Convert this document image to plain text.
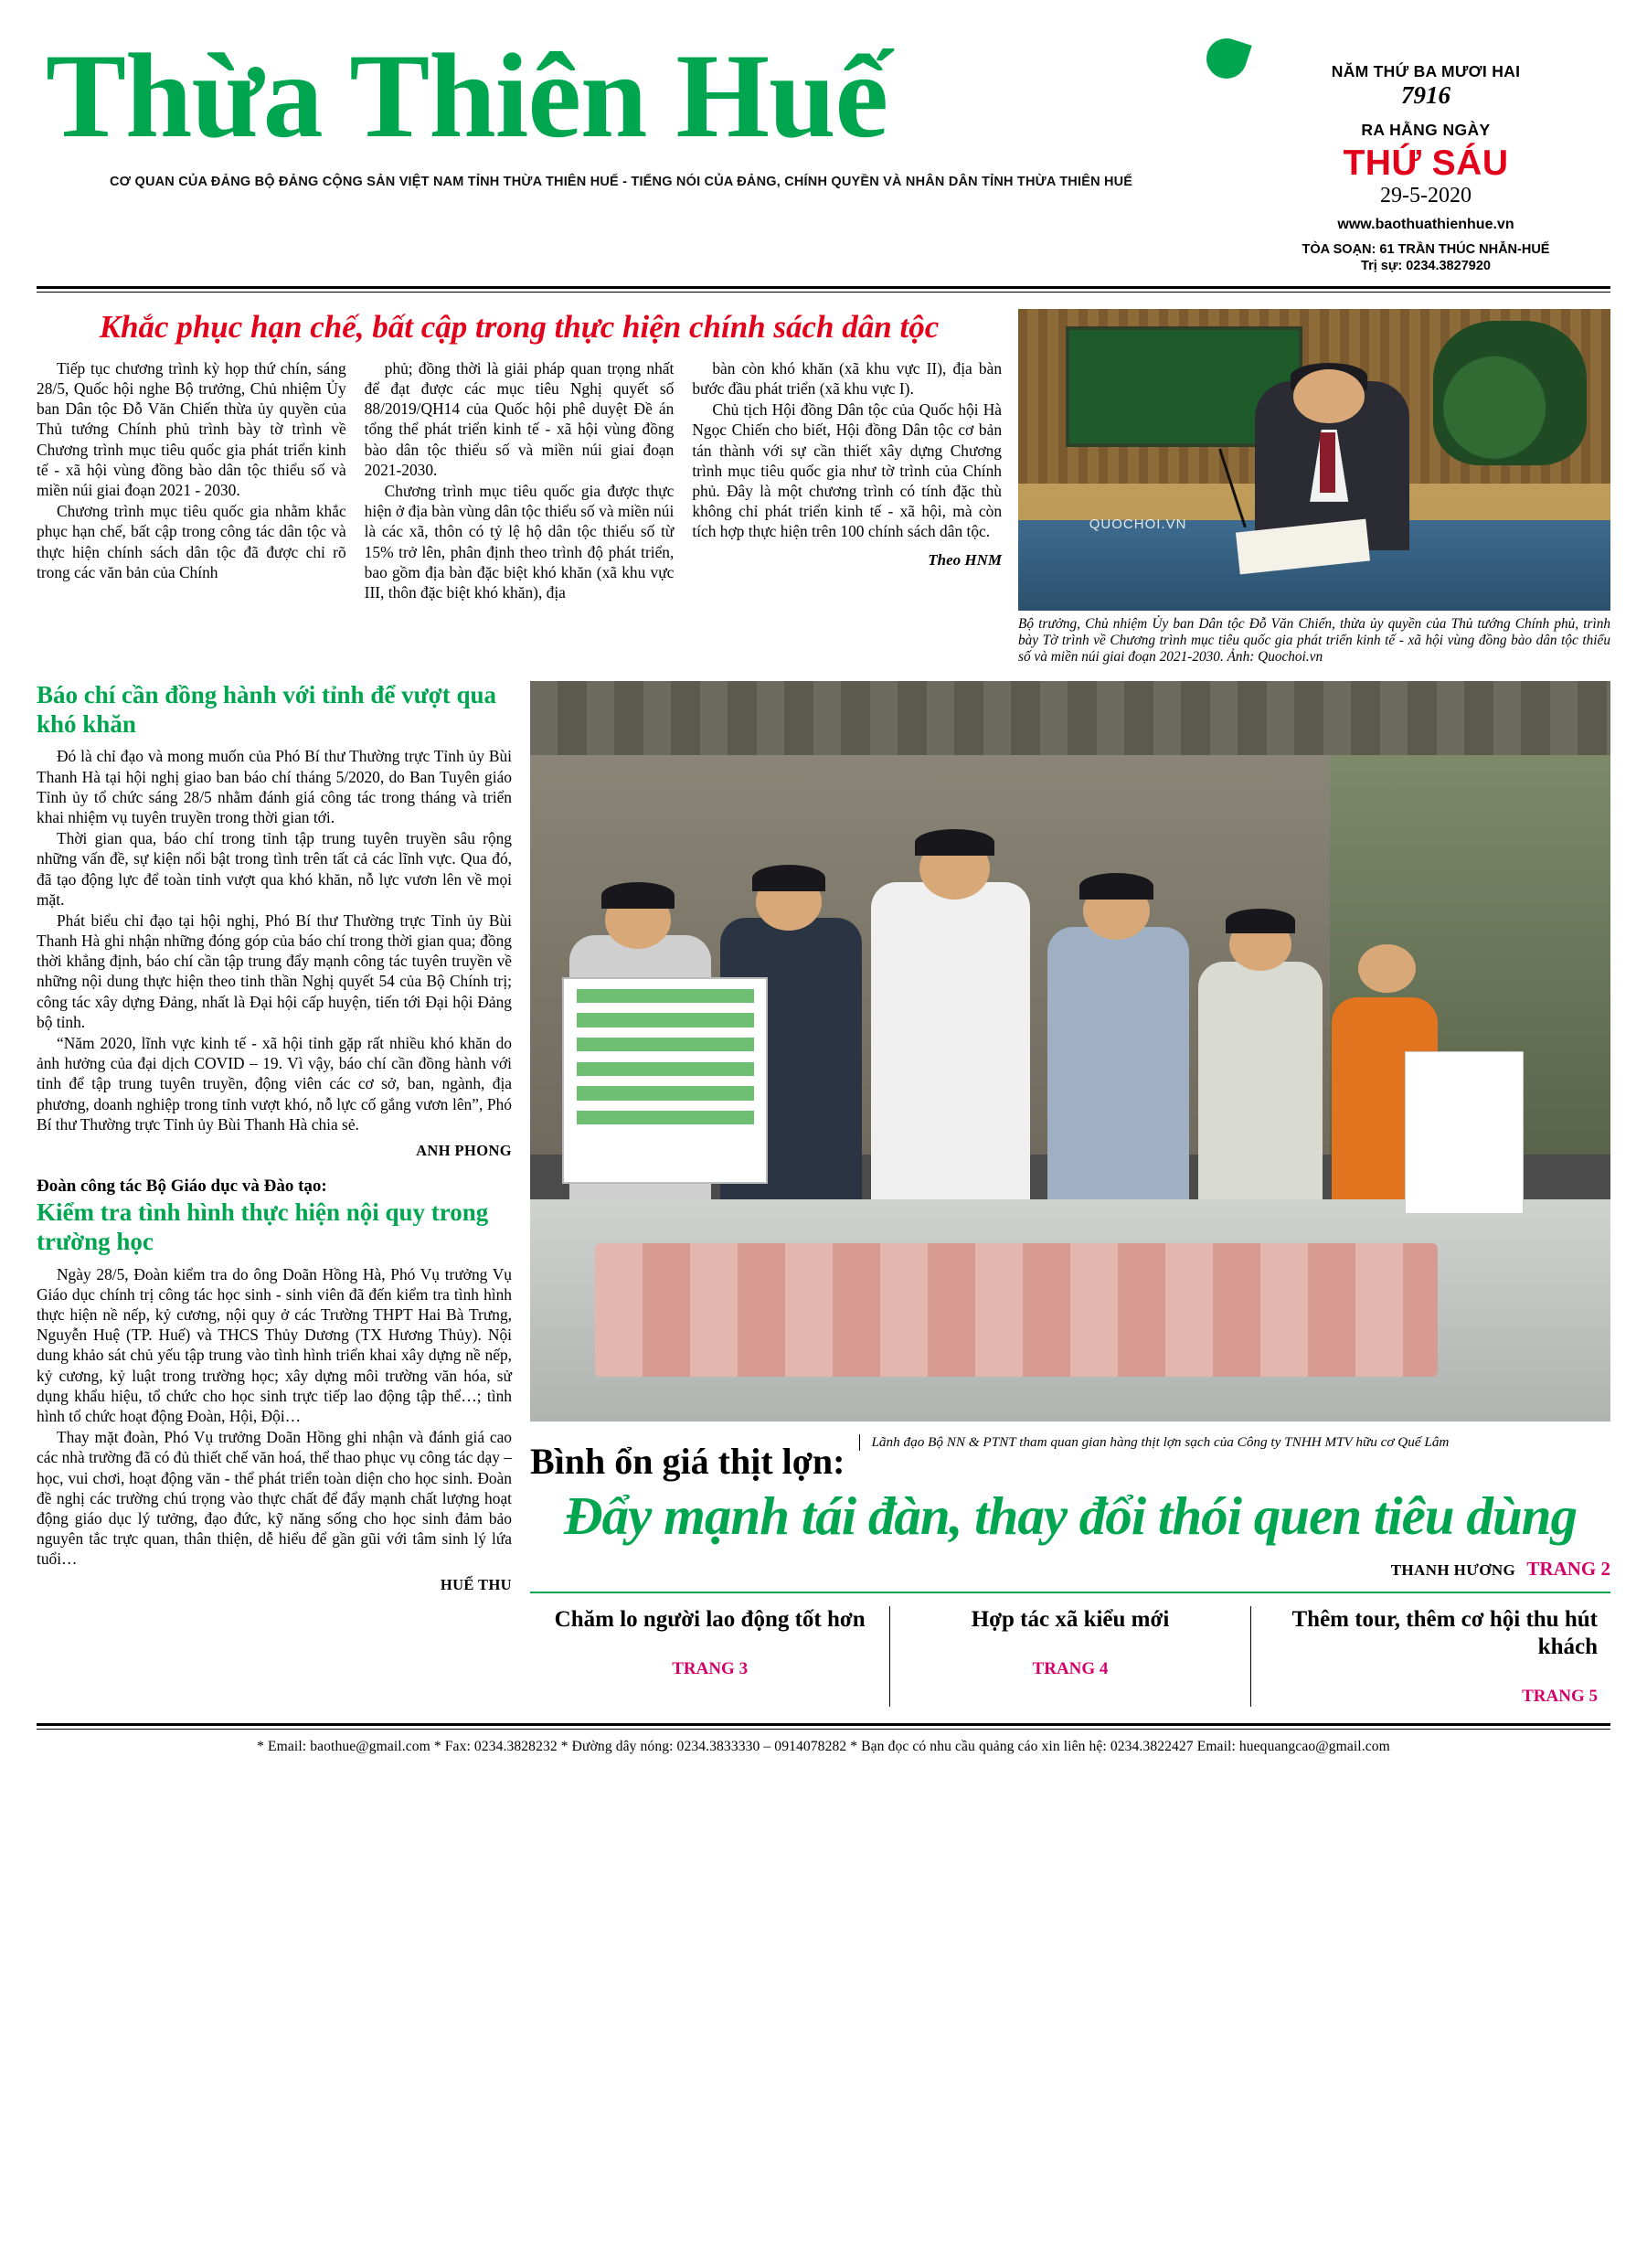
Thừa Thiên Huế
CƠ QUAN CỦA ĐẢNG BỘ ĐẢNG CỘNG SẢN VIỆT NAM TỈNH THỪA THIÊN HUẾ - TIẾNG NÓI CỦA ĐẢNG, CHÍNH QUYỀN VÀ NHÂN DÂN TỈNH THỪA THIÊN HUẾ
NĂM THỨ BA MƯƠI HAI
7916
RA HẰNG NGÀY
THỨ SÁU
29-5-2020
www.baothuathienhue.vn
TÒA SOẠN: 61 TRẦN THÚC NHẪN-HUẾ
Trị sự: 0234.3827920
Khắc phục hạn chế, bất cập trong thực hiện chính sách dân tộc

Tiếp tục chương trình kỳ họp thứ chín, sáng 28/5, Quốc hội nghe Bộ trưởng, Chủ nhiệm Ủy ban Dân tộc Đỗ Văn Chiến thừa ủy quyền của Thủ tướng Chính phủ trình bày tờ trình về Chương trình mục tiêu quốc gia phát triển kinh tế - xã hội vùng đồng bào dân tộc thiểu số và miền núi giai đoạn 2021 - 2030.

Chương trình mục tiêu quốc gia nhằm khắc phục hạn chế, bất cập trong công tác dân tộc và thực hiện chính sách dân tộc đã được chỉ rõ trong các văn bản của Chính

phủ; đồng thời là giải pháp quan trọng nhất để đạt được các mục tiêu Nghị quyết số 88/2019/QH14 của Quốc hội phê duyệt Đề án tổng thể phát triển kinh tế - xã hội vùng đồng bào dân tộc thiểu số và miền núi giai đoạn 2021-2030.

Chương trình mục tiêu quốc gia được thực hiện ở địa bàn vùng dân tộc thiểu số và miền núi là các xã, thôn có tỷ lệ hộ dân tộc thiểu số từ 15% trở lên, phân định theo trình độ phát triển, bao gồm địa bàn đặc biệt khó khăn (xã khu vực III, thôn đặc biệt khó khăn), địa

bàn còn khó khăn (xã khu vực II), địa bàn bước đầu phát triển (xã khu vực I).

Chủ tịch Hội đồng Dân tộc của Quốc hội Hà Ngọc Chiến cho biết, Hội đồng Dân tộc cơ bản tán thành với sự cần thiết xây dựng Chương trình mục tiêu quốc gia như tờ trình của Chính phủ. Đây là một chương trình có tính đặc thù không chỉ phát triển kinh tế - xã hội, mà còn tích hợp thực hiện trên 100 chính sách dân tộc.

Theo HNM
QUOCHOI.VN
Bộ trưởng, Chủ nhiệm Ủy ban Dân tộc Đỗ Văn Chiến, thừa ủy quyền của Thủ tướng Chính phủ, trình bày Tờ trình về Chương trình mục tiêu quốc gia phát triển kinh tế - xã hội vùng đồng bào dân tộc thiểu số và miền núi giai đoạn 2021-2030. Ảnh: Quochoi.vn
Báo chí cần đồng hành với tỉnh để vượt qua khó khăn

Đó là chỉ đạo và mong muốn của Phó Bí thư Thường trực Tỉnh ủy Bùi Thanh Hà tại hội nghị giao ban báo chí tháng 5/2020, do Ban Tuyên giáo Tỉnh ủy tổ chức sáng 28/5 nhằm đánh giá công tác trong tháng và triển khai nhiệm vụ tuyên truyền trong thời gian tới.

Thời gian qua, báo chí trong tỉnh tập trung tuyên truyền sâu rộng những vấn đề, sự kiện nổi bật trong tình trên tất cả các lĩnh vực. Qua đó, đã tạo động lực để toàn tỉnh vượt qua khó khăn, nỗ lực vươn lên về mọi mặt.

Phát biểu chỉ đạo tại hội nghị, Phó Bí thư Thường trực Tỉnh ủy Bùi Thanh Hà ghi nhận những đóng góp của báo chí trong thời gian qua; đồng thời khẳng định, báo chí cần tập trung đẩy mạnh công tác tuyên truyền về những nội dung thực hiện theo tinh thần Nghị quyết 54 của Bộ Chính trị; công tác xây dựng Đảng, nhất là Đại hội cấp huyện, tiến tới Đại hội Đảng bộ tỉnh.

“Năm 2020, lĩnh vực kinh tế - xã hội tỉnh gặp rất nhiều khó khăn do ảnh hưởng của đại dịch COVID – 19. Vì vậy, báo chí cần đồng hành với tỉnh để tập trung tuyên truyền, động viên các cơ sở, ban, ngành, địa phương, doanh nghiệp trong tỉnh vượt khó, nỗ lực cố gắng vươn lên”, Phó Bí thư Thường trực Tỉnh ủy Bùi Thanh Hà chia sẻ.

ANH PHONG
Đoàn công tác Bộ Giáo dục và Đào tạo:
Kiểm tra tình hình thực hiện nội quy trong trường học

Ngày 28/5, Đoàn kiểm tra do ông Doãn Hồng Hà, Phó Vụ trưởng Vụ Giáo dục chính trị công tác học sinh - sinh viên đã đến kiểm tra tình hình thực hiện nề nếp, kỷ cương, nội quy ở các Trường THPT Hai Bà Trưng, Nguyễn Huệ (TP. Huế) và THCS Thủy Dương (TX Hương Thủy). Nội dung khảo sát chủ yếu tập trung vào tình hình triển khai xây dựng nề nếp, kỷ cương, kỷ luật trong trường học; xây dựng môi trường văn hóa, sử dụng khẩu hiệu, tổ chức cho học sinh trực tiếp lao động tập thể…; tình hình tổ chức hoạt động Đoàn, Hội, Đội…

Thay mặt đoàn, Phó Vụ trưởng Doãn Hồng ghi nhận và đánh giá cao các nhà trường đã có đủ thiết chế văn hoá, thể thao phục vụ công tác dạy – học, vui chơi, hoạt động văn - thể phát triển toàn diện cho học sinh. Đoàn đề nghị các trường chú trọng vào thực chất để đẩy mạnh chất lượng hoạt động giáo dục lý tưởng, đạo đức, kỹ năng sống cho học sinh đảm bảo nguyên tắc trực quan, thân thiện, dễ hiểu để gần gũi với tâm sinh lý lứa tuổi…

HUẾ THU
Bình ổn giá thịt lợn:	Lãnh đạo Bộ NN & PTNT tham quan gian hàng thịt lợn sạch của Công ty TNHH MTV hữu cơ Quế Lâm
Đẩy mạnh tái đàn, thay đổi thói quen tiêu dùng
THANH HƯƠNG TRANG 2
Chăm lo người lao động tốt hơn
TRANG 3
Hợp tác xã kiểu mới
TRANG 4
Thêm tour, thêm cơ hội thu hút khách
TRANG 5
* Email: baothue@gmail.com * Fax: 0234.3828232 * Đường dây nóng: 0234.3833330 – 0914078282 * Bạn đọc có nhu cầu quảng cáo xin liên hệ: 0234.3822427 Email: huequangcao@gmail.com
